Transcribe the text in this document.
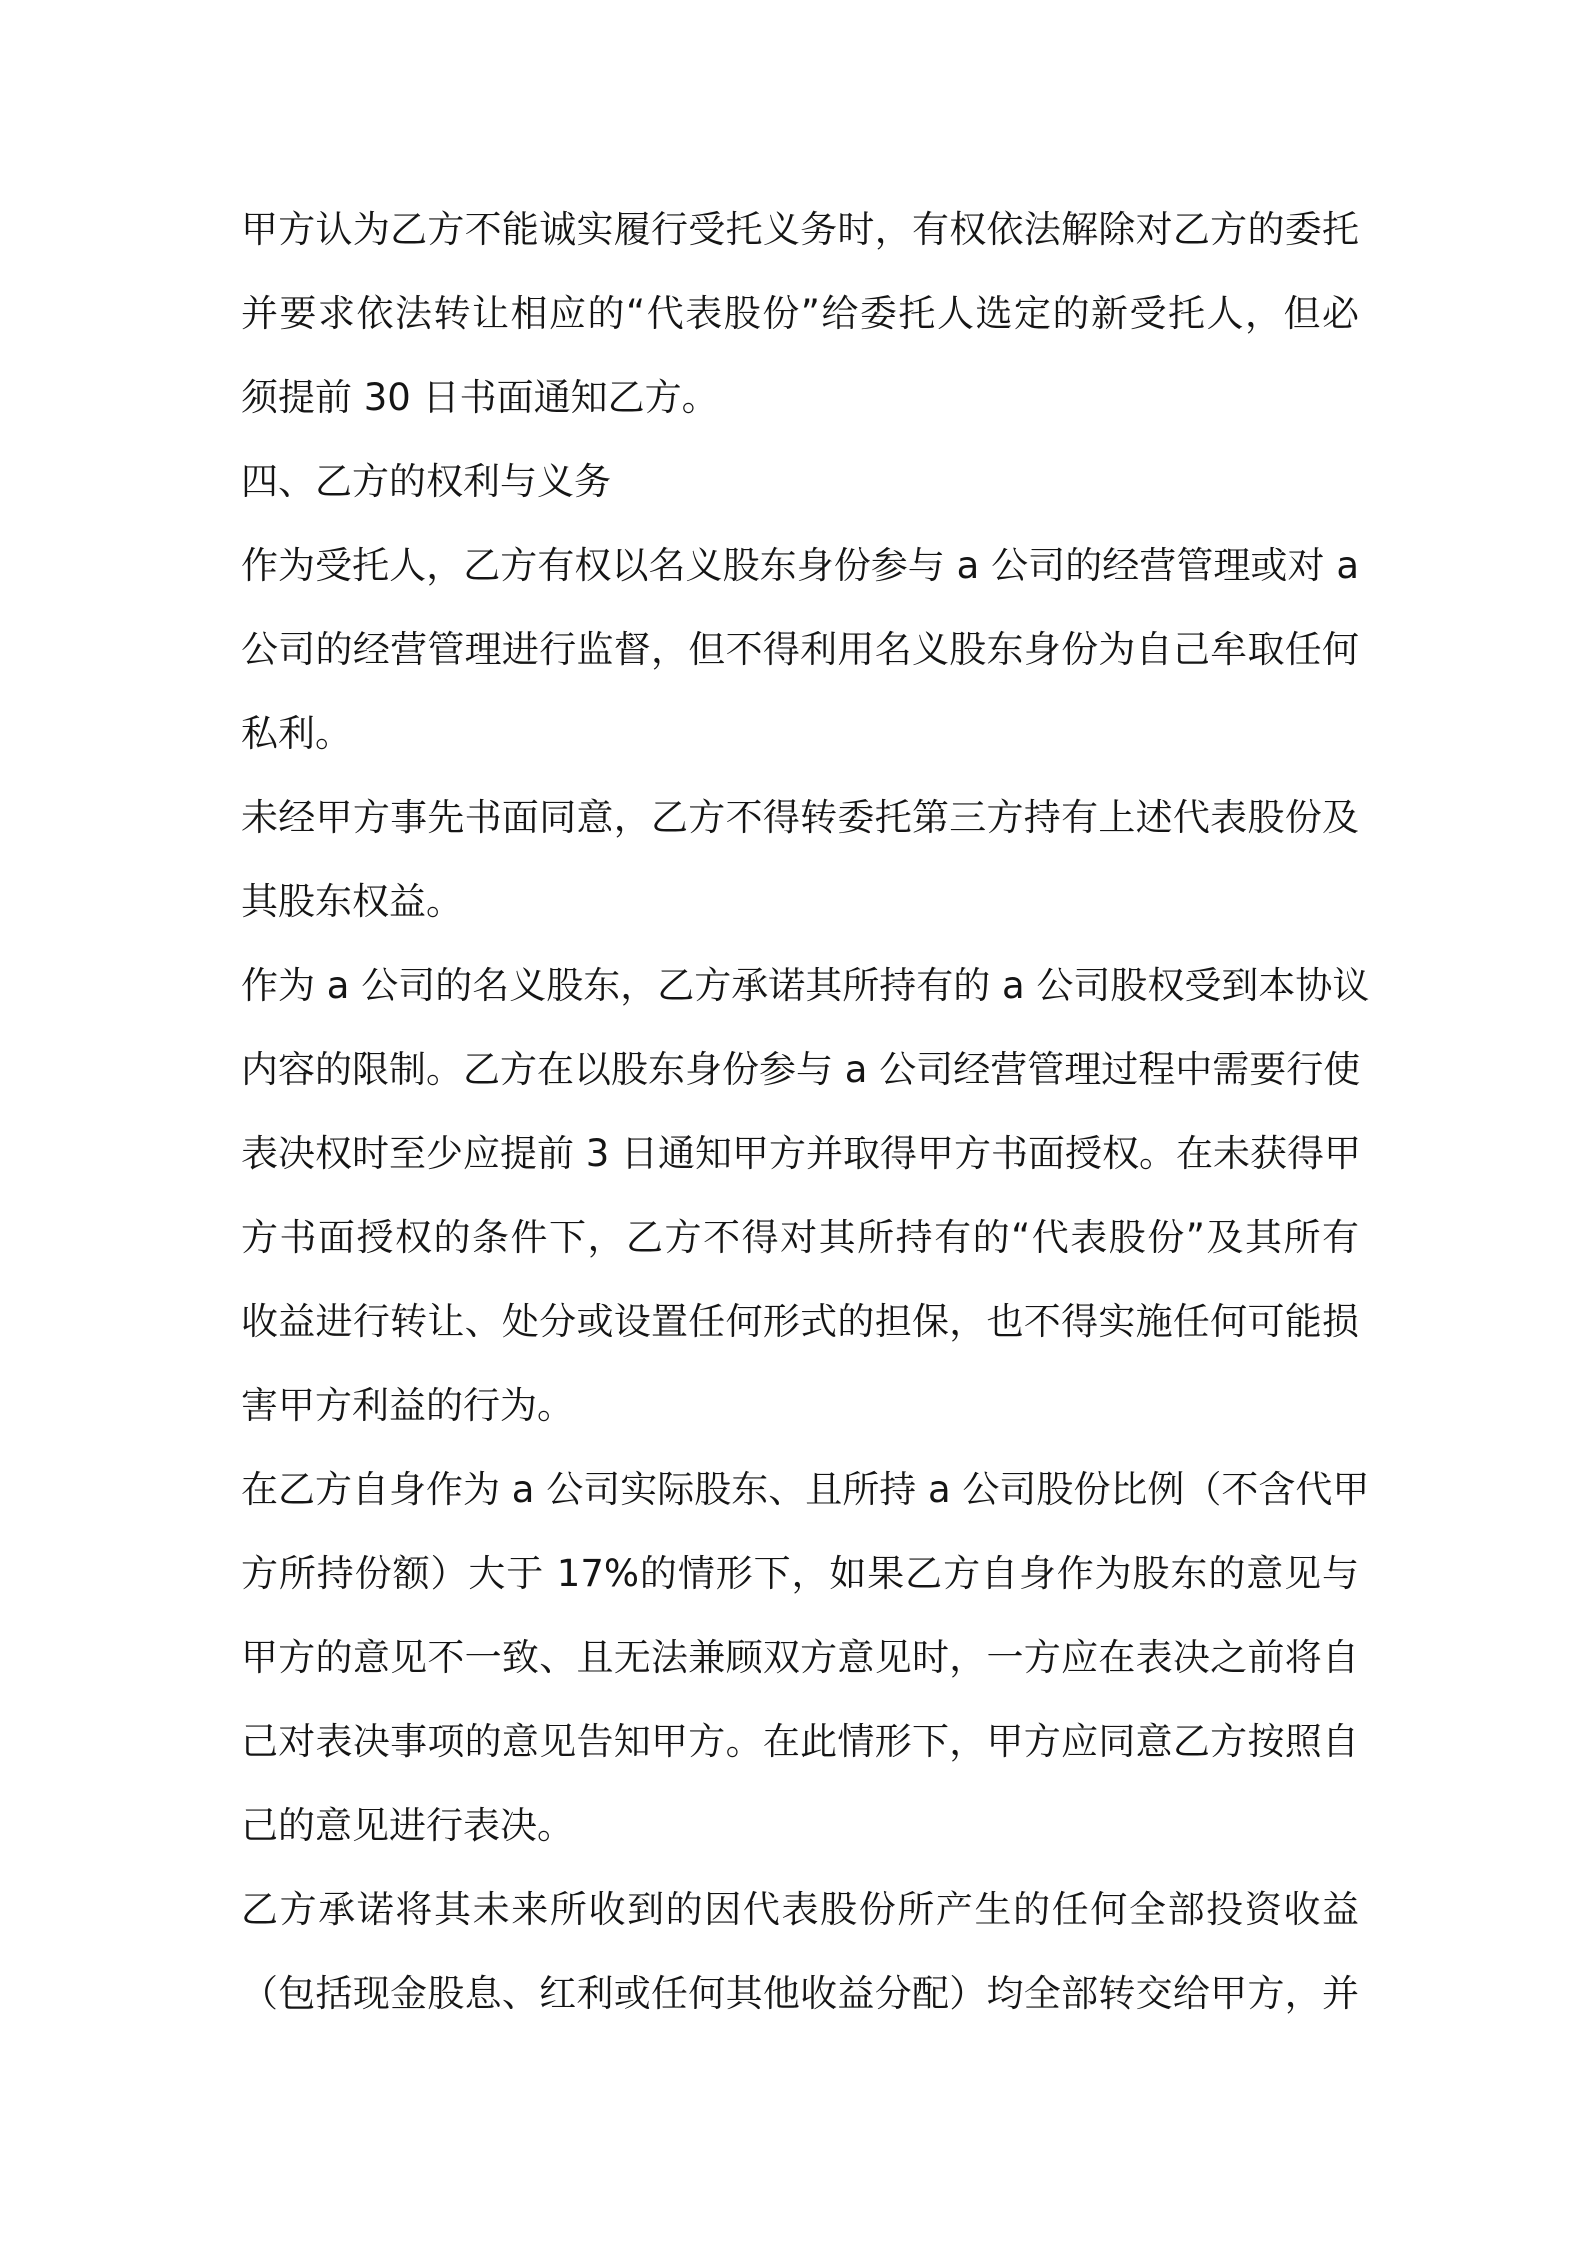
甲方认为乙方不能诚实履行受托义务时，有权依法解除对乙方的委托
并要求依法转让相应的“代表股份”给委托人选定的新受托人，但必
须提前 30 日书面通知乙方。
四、乙方的权利与义务
作为受托人，乙方有权以名义股东身份参与 a 公司的经营管理或对 a
公司的经营管理进行监督，但不得利用名义股东身份为自己牟取任何
私利。
未经甲方事先书面同意，乙方不得转委托第三方持有上述代表股份及
其股东权益。
作为 a 公司的名义股东，乙方承诺其所持有的 a 公司股权受到本协议
内容的限制。乙方在以股东身份参与 a 公司经营管理过程中需要行使
表决权时至少应提前 3 日通知甲方并取得甲方书面授权。在未获得甲
方书面授权的条件下，乙方不得对其所持有的“代表股份”及其所有
收益进行转让、处分或设置任何形式的担保，也不得实施任何可能损
害甲方利益的行为。
在乙方自身作为 a 公司实际股东、且所持 a 公司股份比例（不含代甲
方所持份额）大于 17%的情形下，如果乙方自身作为股东的意见与
甲方的意见不一致、且无法兼顾双方意见时，一方应在表决之前将自
己对表决事项的意见告知甲方。在此情形下，甲方应同意乙方按照自
己的意见进行表决。
乙方承诺将其未来所收到的因代表股份所产生的任何全部投资收益
（包括现金股息、红利或任何其他收益分配）均全部转交给甲方，并
